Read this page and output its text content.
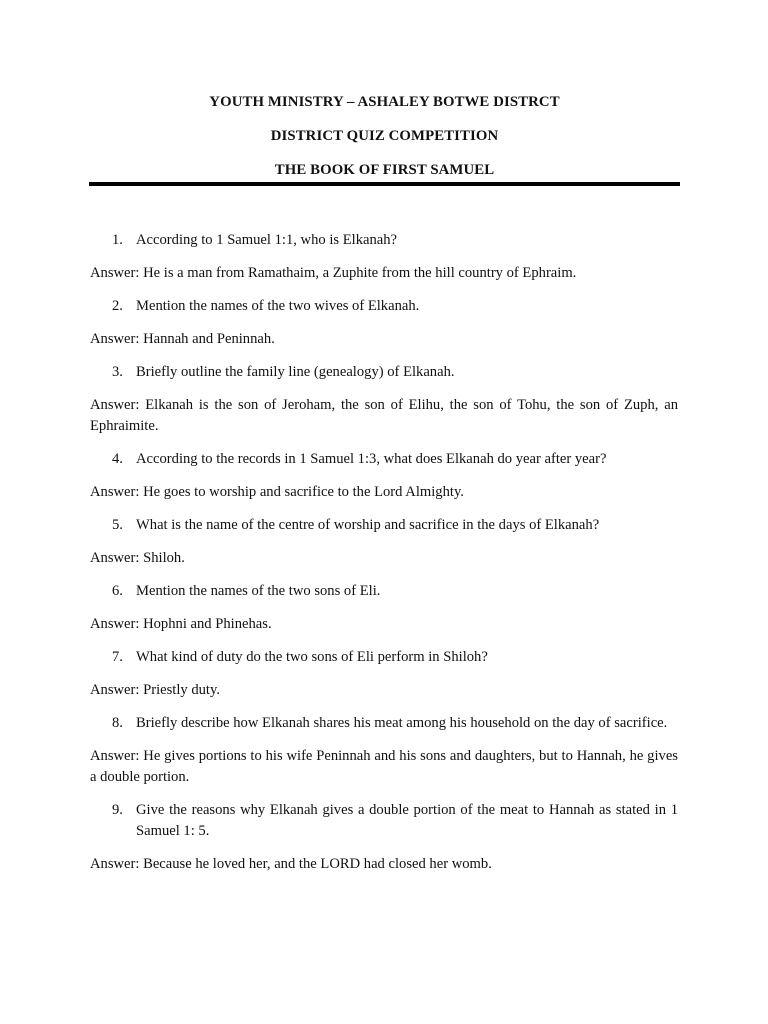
YOUTH MINISTRY – ASHALEY BOTWE DISTRCT
DISTRICT QUIZ COMPETITION
THE BOOK OF FIRST SAMUEL
1. According to 1 Samuel 1:1, who is Elkanah?
Answer: He is a man from Ramathaim, a Zuphite from the hill country of Ephraim.
2. Mention the names of the two wives of Elkanah.
Answer: Hannah and Peninnah.
3. Briefly outline the family line (genealogy) of Elkanah.
Answer: Elkanah is the son of Jeroham, the son of Elihu, the son of Tohu, the son of Zuph, an Ephraimite.
4. According to the records in 1 Samuel 1:3, what does Elkanah do year after year?
Answer: He goes to worship and sacrifice to the Lord Almighty.
5. What is the name of the centre of worship and sacrifice in the days of Elkanah?
Answer: Shiloh.
6. Mention the names of the two sons of Eli.
Answer: Hophni and Phinehas.
7. What kind of duty do the two sons of Eli perform in Shiloh?
Answer: Priestly duty.
8. Briefly describe how Elkanah shares his meat among his household on the day of sacrifice.
Answer: He gives portions to his wife Peninnah and his sons and daughters, but to Hannah, he gives a double portion.
9. Give the reasons why Elkanah gives a double portion of the meat to Hannah as stated in 1 Samuel 1: 5.
Answer: Because he loved her, and the LORD had closed her womb.
